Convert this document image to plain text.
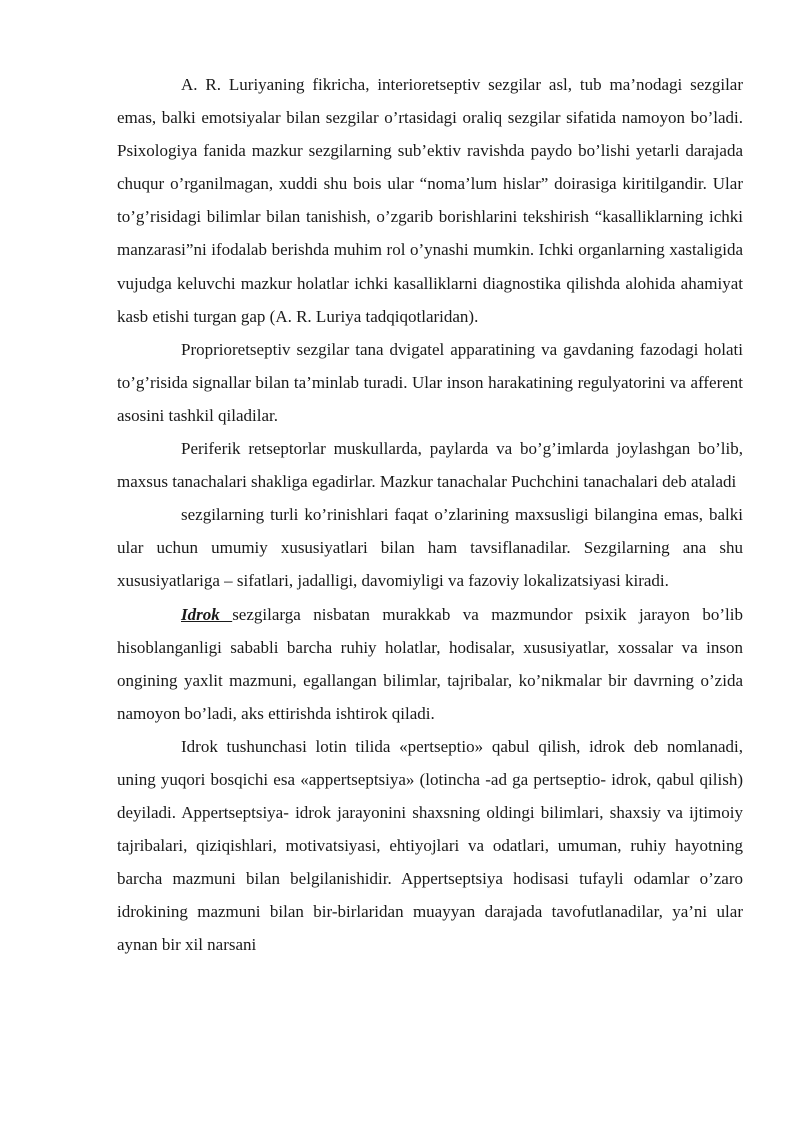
A. R. Luriyaning fikricha, interioretseptiv sezgilar asl, tub ma’nodagi sezgilar emas, balki emotsiyalar bilan sezgilar o’rtasidagi oraliq sezgilar sifatida namoyon bo’ladi. Psixologiya fanida mazkur sezgilarning sub’ektiv ravishda paydo bo’lishi yetarli darajada chuqur o’rganilmagan, xuddi shu bois ular “noma’lum hislar” doirasiga kiritilgandir. Ular to’g’risidagi bilimlar bilan tanishish, o’zgarib borishlarini tekshirish “kasalliklarning ichki manzarasi”ni ifodalab berishda muhim rol o’ynashi mumkin. Ichki organlarning xastaligida vujudga keluvchi mazkur holatlar ichki kasalliklarni diagnostika qilishda alohida ahamiyat kasb etishi turgan gap (A. R. Luriya tadqiqotlaridan).

Proprioretseptiv sezgilar tana dvigatel apparatining va gavdaning fazodagi holati to’g’risida signallar bilan ta’minlab turadi. Ular inson harakatining regulyatorini va afferent asosini tashkil qiladilar.

Periferik retseptorlar muskullarda, paylarda va bo’g’imlarda joylashgan bo’lib, maxsus tanachalari shakliga egadirlar. Mazkur tanachalar Puchchini tanachalari deb ataladi

sezgilarning turli ko’rinishlari faqat o’zlarining maxsusligi bilangina emas, balki ular uchun umumiy xususiyatlari bilan ham tavsiflanadilar. Sezgilarning ana shu xususiyatlariga – sifatlari, jadalligi, davomiyligi va fazoviy lokalizatsiyasi kiradi.

Idrok sezgilarga nisbatan murakkab va mazmundor psixik jarayon bo’lib hisoblanganligi sababli barcha ruhiy holatlar, hodisalar, xususiyatlar, xossalar va inson ongining yaxlit mazmuni, egallangan bilimlar, tajribalar, ko’nikmalar bir davrning o’zida namoyon bo’ladi, aks ettirishda ishtirok qiladi.

Idrok tushunchasi lotin tilida «pertseptio» qabul qilish, idrok deb nomlanadi, uning yuqori bosqichi esa «appertseptsiya» (lotincha -ad ga pertseptio- idrok, qabul qilish) deyiladi. Appertseptsiya- idrok jarayonini shaxsning oldingi bilimlari, shaxsiy va ijtimoiy tajribalari, qiziqishlari, motivatsiyasi, ehtiyojlari va odatlari, umuman, ruhiy hayotning barcha mazmuni bilan belgilanishidir. Appertseptsiya hodisasi tufayli odamlar o’zaro idrokining mazmuni bilan bir-birlaridan muayyan darajada tavofutlanadilar, ya’ni ular aynan bir xil narsani
